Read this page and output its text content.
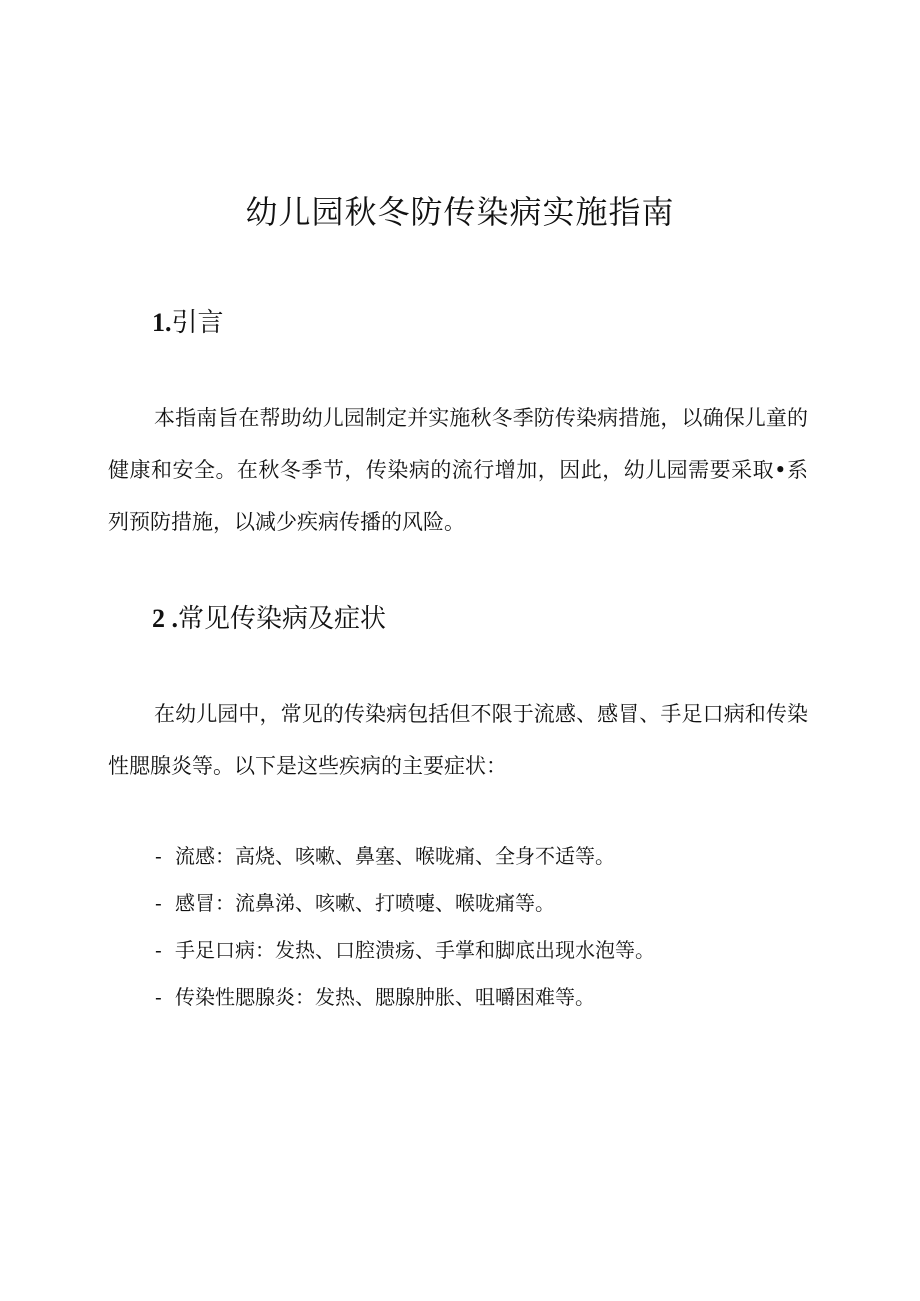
幼儿园秋冬防传染病实施指南
1.引言

本指南旨在帮助幼儿园制定并实施秋冬季防传染病措施，以确保儿童的健康和安全。在秋冬季节，传染病的流行增加，因此，幼儿园需要采取•系列预防措施，以减少疾病传播的风险。

2 .常见传染病及症状

在幼儿园中，常见的传染病包括但不限于流感、感冒、手足口病和传染性腮腺炎等。以下是这些疾病的主要症状：

- 流感：高烧、咳嗽、鼻塞、喉咙痛、全身不适等。
- 感冒：流鼻涕、咳嗽、打喷嚏、喉咙痛等。
- 手足口病：发热、口腔溃疡、手掌和脚底出现水泡等。
- 传染性腮腺炎：发热、腮腺肿胀、咀嚼困难等。
